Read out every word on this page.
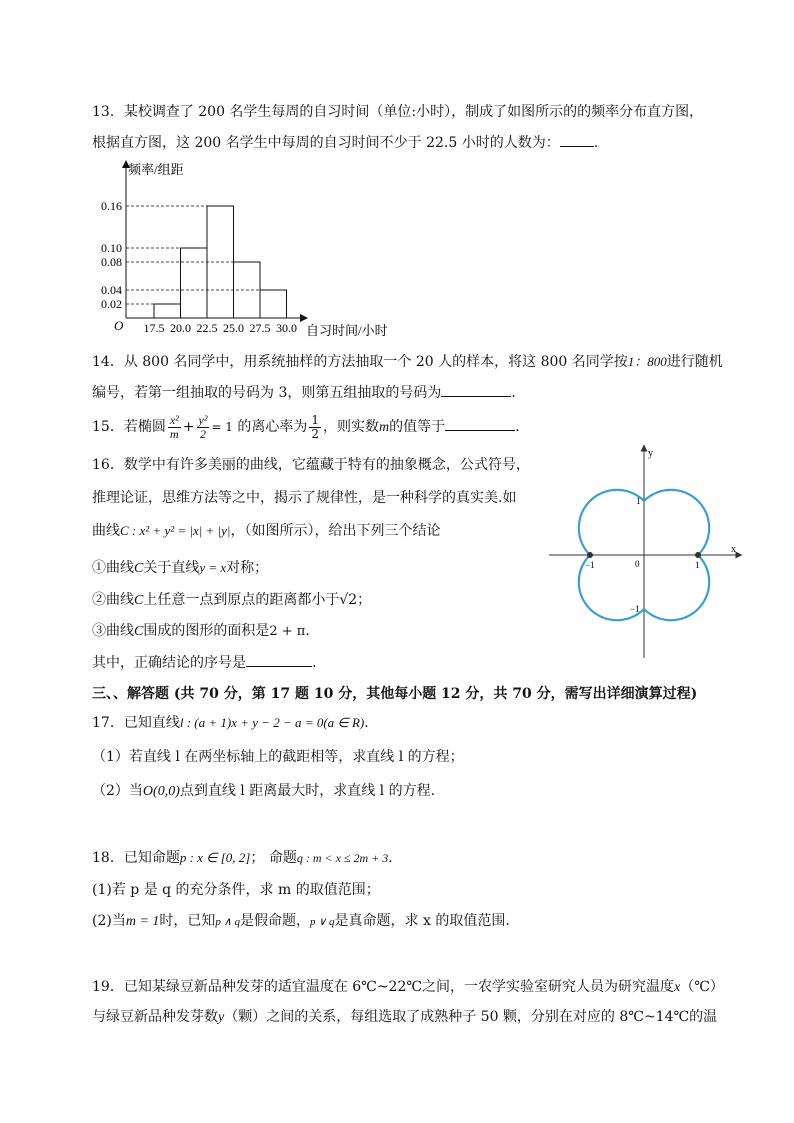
13．某校调查了 200 名学生每周的自习时间（单位:小时），制成了如图所示的的频率分布直方图，
根据直方图，这 200 名学生中每周的自习时间不少于 22.5 小时的人数为： .
频率/组距
自习时间/小时
O
0.16
0.10
0.08
0.04
0.02
17.5 20.0 22.5 25.0 27.5 30.0
14．从 800 名同学中，用系统抽样的方法抽取一个 20 人的样本，将这 800 名同学按1：800进行随机
编号，若第一组抽取的号码为 3，则第五组抽取的号码为	.
15．若椭圆 $\frac{\text{x²}}{m} + \frac{\text{y²}}{2} = 1$ 的离心率为 $\frac{1}{2}$ ，则实数m的值等于	.
16．数学中有许多美丽的曲线，它蕴藏于特有的抽象概念，公式符号，
推理论证，思维方法等之中，揭示了规律性，是一种科学的真实美.如
曲线C : x² + y² = |x| + |y|，（如图所示），给出下列三个结论
①曲线C关于直线y = x对称；
②曲线C上任意一点到原点的距离都小于√2；
③曲线C围成的图形的面积是2 + π.
其中，正确结论的序号是	.
x
y
0	1
−1
1
−1
三、、解答题 (共 70 分，第 17 题 10 分，其他每小题 12 分，共 70 分，需写出详细演算过程)
17．已知直线l : (a + 1)x + y − 2 − a = 0(a ∈ R).
（1）若直线 l 在两坐标轴上的截距相等，求直线 l 的方程；
（2）当O(0,0)点到直线 l 距离最大时，求直线 l 的方程.
18．已知命题p : x ∈ [0, 2]； 命题q : m < x ≤ 2m + 3.
(1)若 p 是 q 的充分条件，求 m 的取值范围；
(2)当m = 1时，已知p ∧ q是假命题，p ∨ q是真命题，求 x 的取值范围.
19．已知某绿豆新品种发芽的适宜温度在 6℃~22℃之间，一农学实验室研究人员为研究温度x（℃）
与绿豆新品种发芽数y（颗）之间的关系，每组选取了成熟种子 50 颗，分别在对应的 8℃~14℃的温
